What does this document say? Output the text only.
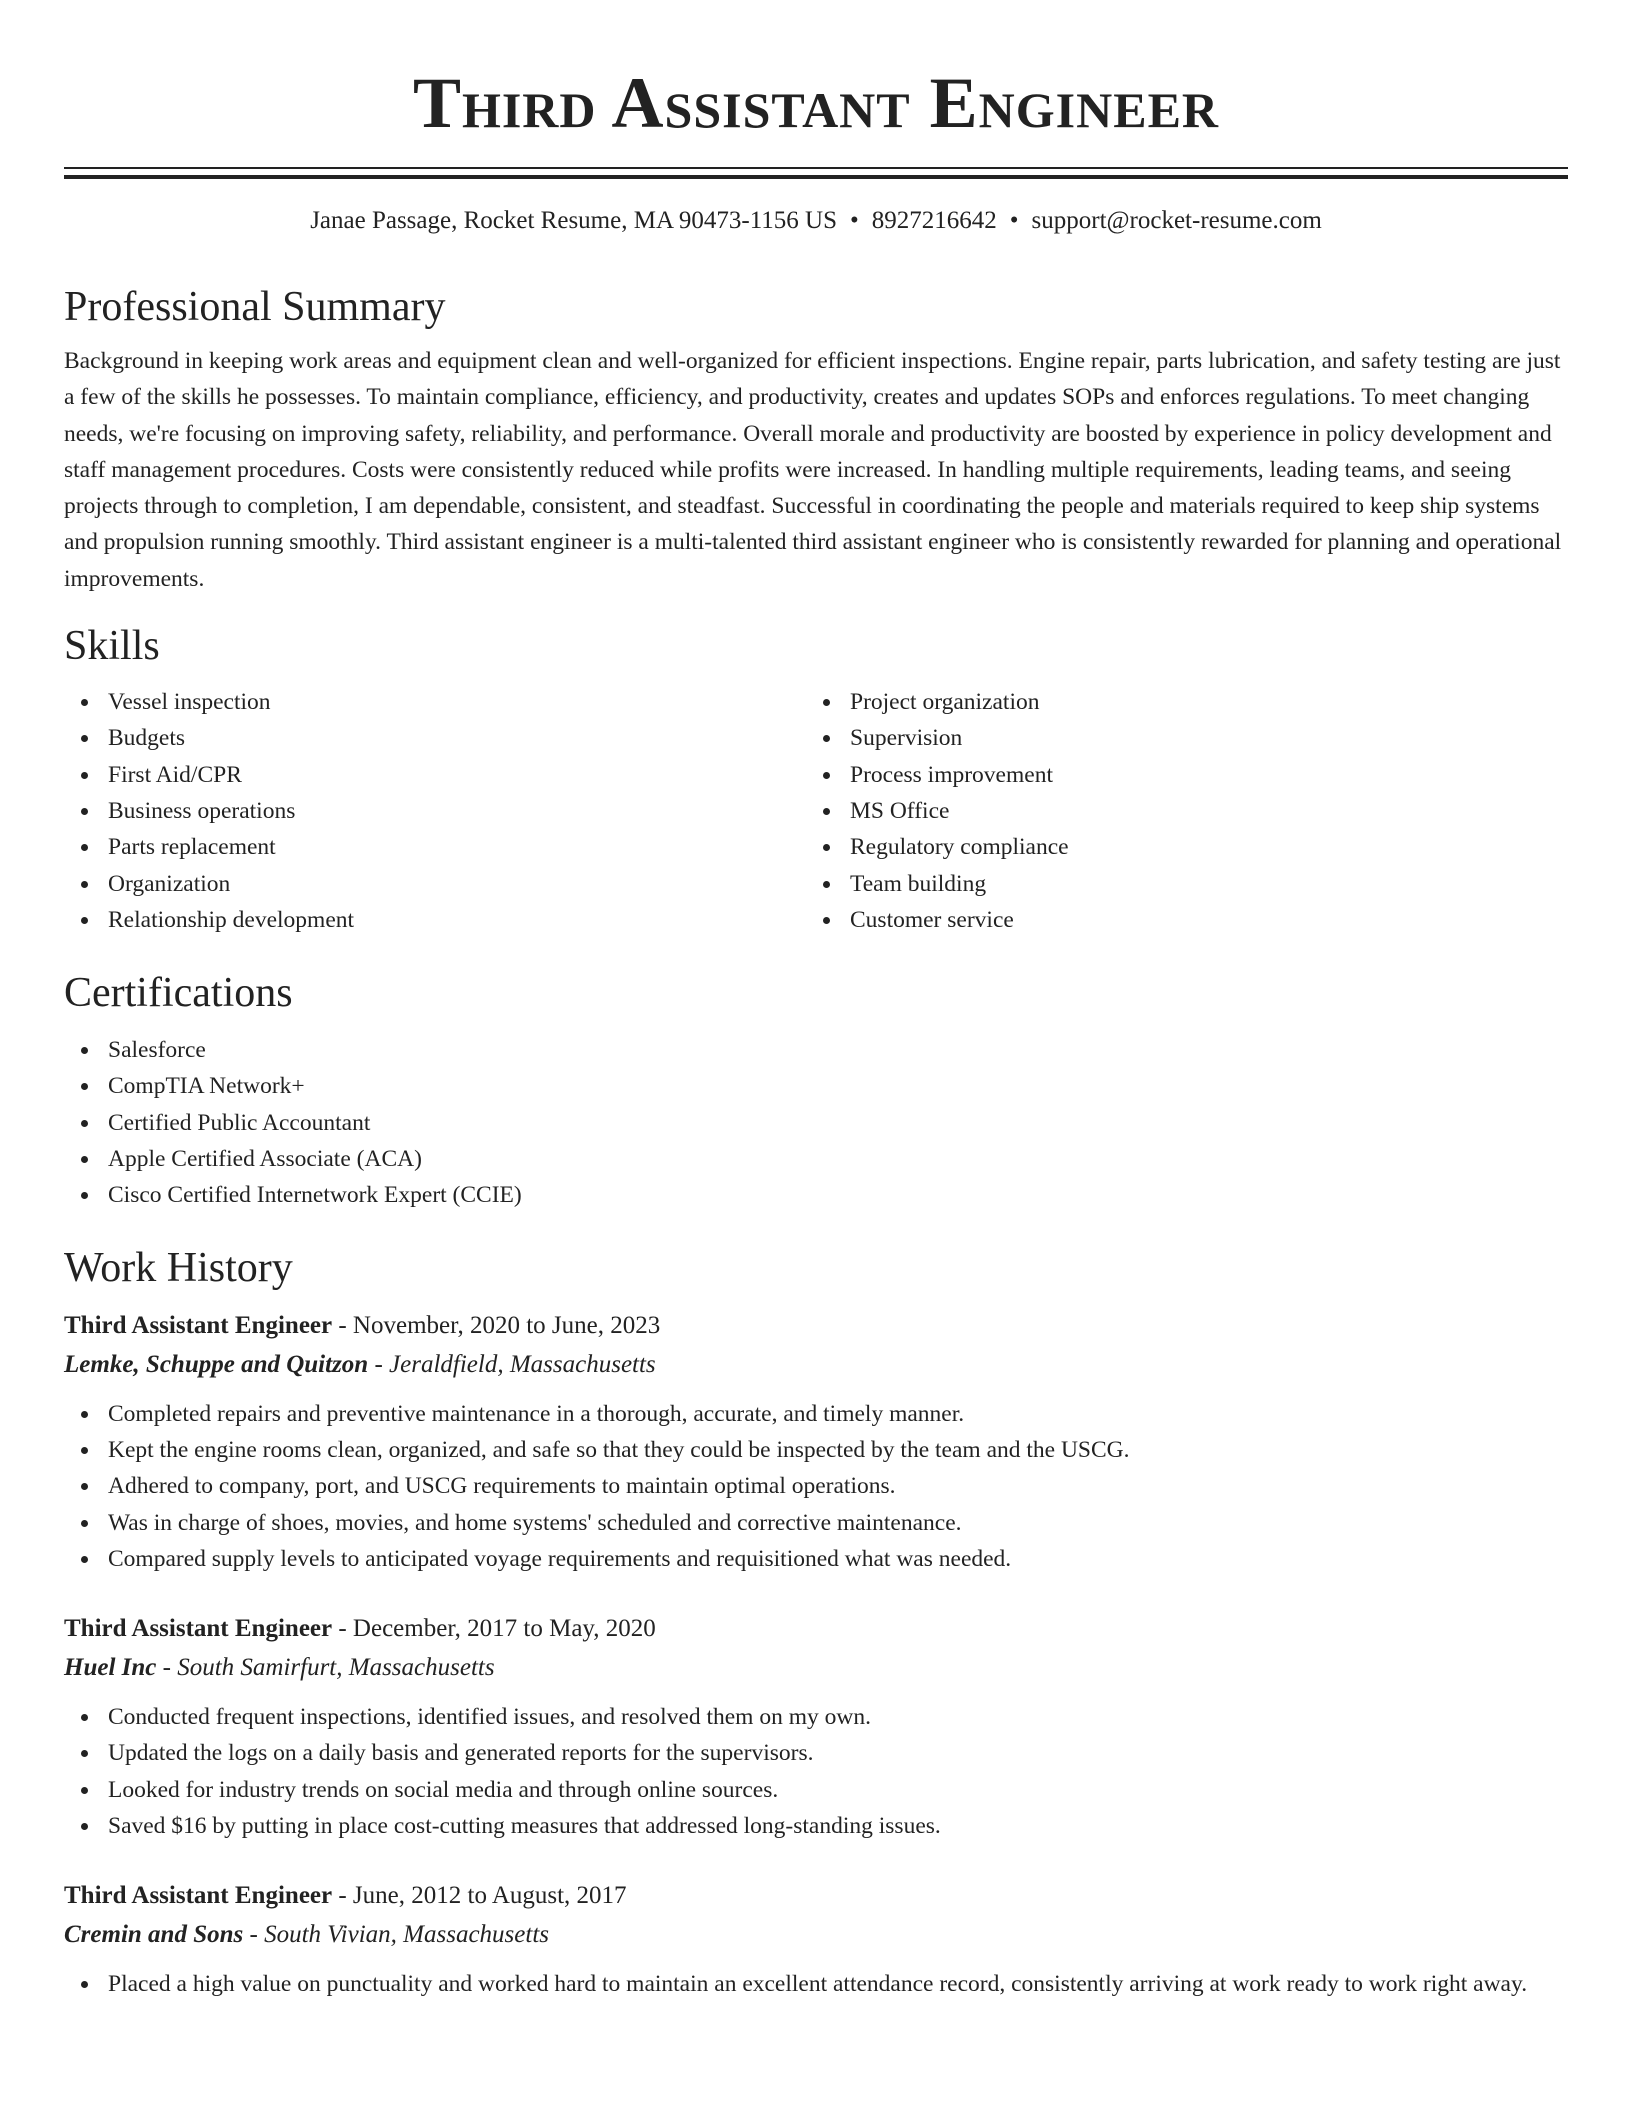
Third Assistant Engineer
Janae Passage, Rocket Resume, MA 90473-1156 US • 8927216642 • support@rocket-resume.com
Professional Summary
Background in keeping work areas and equipment clean and well-organized for efficient inspections. Engine repair, parts lubrication, and safety testing are just a few of the skills he possesses. To maintain compliance, efficiency, and productivity, creates and updates SOPs and enforces regulations. To meet changing needs, we're focusing on improving safety, reliability, and performance. Overall morale and productivity are boosted by experience in policy development and staff management procedures. Costs were consistently reduced while profits were increased. In handling multiple requirements, leading teams, and seeing projects through to completion, I am dependable, consistent, and steadfast. Successful in coordinating the people and materials required to keep ship systems and propulsion running smoothly. Third assistant engineer is a multi-talented third assistant engineer who is consistently rewarded for planning and operational improvements.
Skills
Vessel inspection
Budgets
First Aid/CPR
Business operations
Parts replacement
Organization
Relationship development
Project organization
Supervision
Process improvement
MS Office
Regulatory compliance
Team building
Customer service
Certifications
Salesforce
CompTIA Network+
Certified Public Accountant
Apple Certified Associate (ACA)
Cisco Certified Internetwork Expert (CCIE)
Work History
Third Assistant Engineer - November, 2020 to June, 2023
Lemke, Schuppe and Quitzon - Jeraldfield, Massachusetts
Completed repairs and preventive maintenance in a thorough, accurate, and timely manner.
Kept the engine rooms clean, organized, and safe so that they could be inspected by the team and the USCG.
Adhered to company, port, and USCG requirements to maintain optimal operations.
Was in charge of shoes, movies, and home systems' scheduled and corrective maintenance.
Compared supply levels to anticipated voyage requirements and requisitioned what was needed.
Third Assistant Engineer - December, 2017 to May, 2020
Huel Inc - South Samirfurt, Massachusetts
Conducted frequent inspections, identified issues, and resolved them on my own.
Updated the logs on a daily basis and generated reports for the supervisors.
Looked for industry trends on social media and through online sources.
Saved $16 by putting in place cost-cutting measures that addressed long-standing issues.
Third Assistant Engineer - June, 2012 to August, 2017
Cremin and Sons - South Vivian, Massachusetts
Placed a high value on punctuality and worked hard to maintain an excellent attendance record, consistently arriving at work ready to work right away.
